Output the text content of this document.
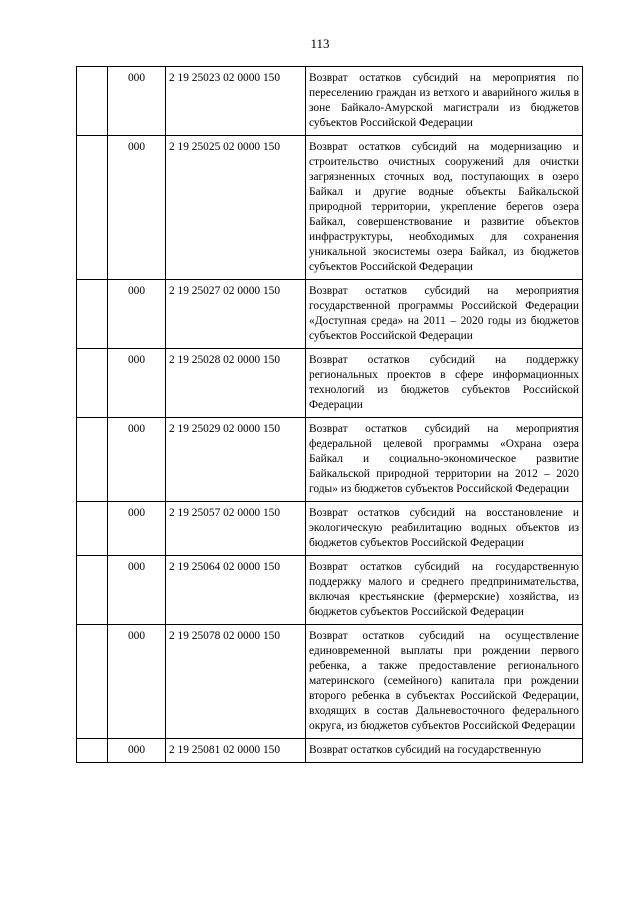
113
	000	2 19 25023 02 0000 150	Возврат остатков субсидий на мероприятия по переселению граждан из ветхого и аварийного жилья в зоне Байкало-Амурской магистрали из бюджетов субъектов Российской Федерации
	000	2 19 25025 02 0000 150	Возврат остатков субсидий на модернизацию и строительство очистных сооружений для очистки загрязненных сточных вод, поступающих в озеро Байкал и другие водные объекты Байкальской природной территории, укрепление берегов озера Байкал, совершенствование и развитие объектов инфраструктуры, необходимых для сохранения уникальной экосистемы озера Байкал, из бюджетов субъектов Российской Федерации
	000	2 19 25027 02 0000 150	Возврат остатков субсидий на мероприятия государственной программы Российской Федерации «Доступная среда» на 2011 – 2020 годы из бюджетов субъектов Российской Федерации
	000	2 19 25028 02 0000 150	Возврат остатков субсидий на поддержку региональных проектов в сфере информационных технологий из бюджетов субъектов Российской Федерации
	000	2 19 25029 02 0000 150	Возврат остатков субсидий на мероприятия федеральной целевой программы «Охрана озера Байкал и социально-экономическое развитие Байкальской природной территории на 2012 – 2020 годы» из бюджетов субъектов Российской Федерации
	000	2 19 25057 02 0000 150	Возврат остатков субсидий на восстановление и экологическую реабилитацию водных объектов из бюджетов субъектов Российской Федерации
	000	2 19 25064 02 0000 150	Возврат остатков субсидий на государственную поддержку малого и среднего предпринимательства, включая крестьянские (фермерские) хозяйства, из бюджетов субъектов Российской Федерации
	000	2 19 25078 02 0000 150	Возврат остатков субсидий на осуществление единовременной выплаты при рождении первого ребенка, а также предоставление регионального материнского (семейного) капитала при рождении второго ребенка в субъектах Российской Федерации, входящих в состав Дальневосточного федерального округа, из бюджетов субъектов Российской Федерации
	000	2 19 25081 02 0000 150	Возврат остатков субсидий на государственную
